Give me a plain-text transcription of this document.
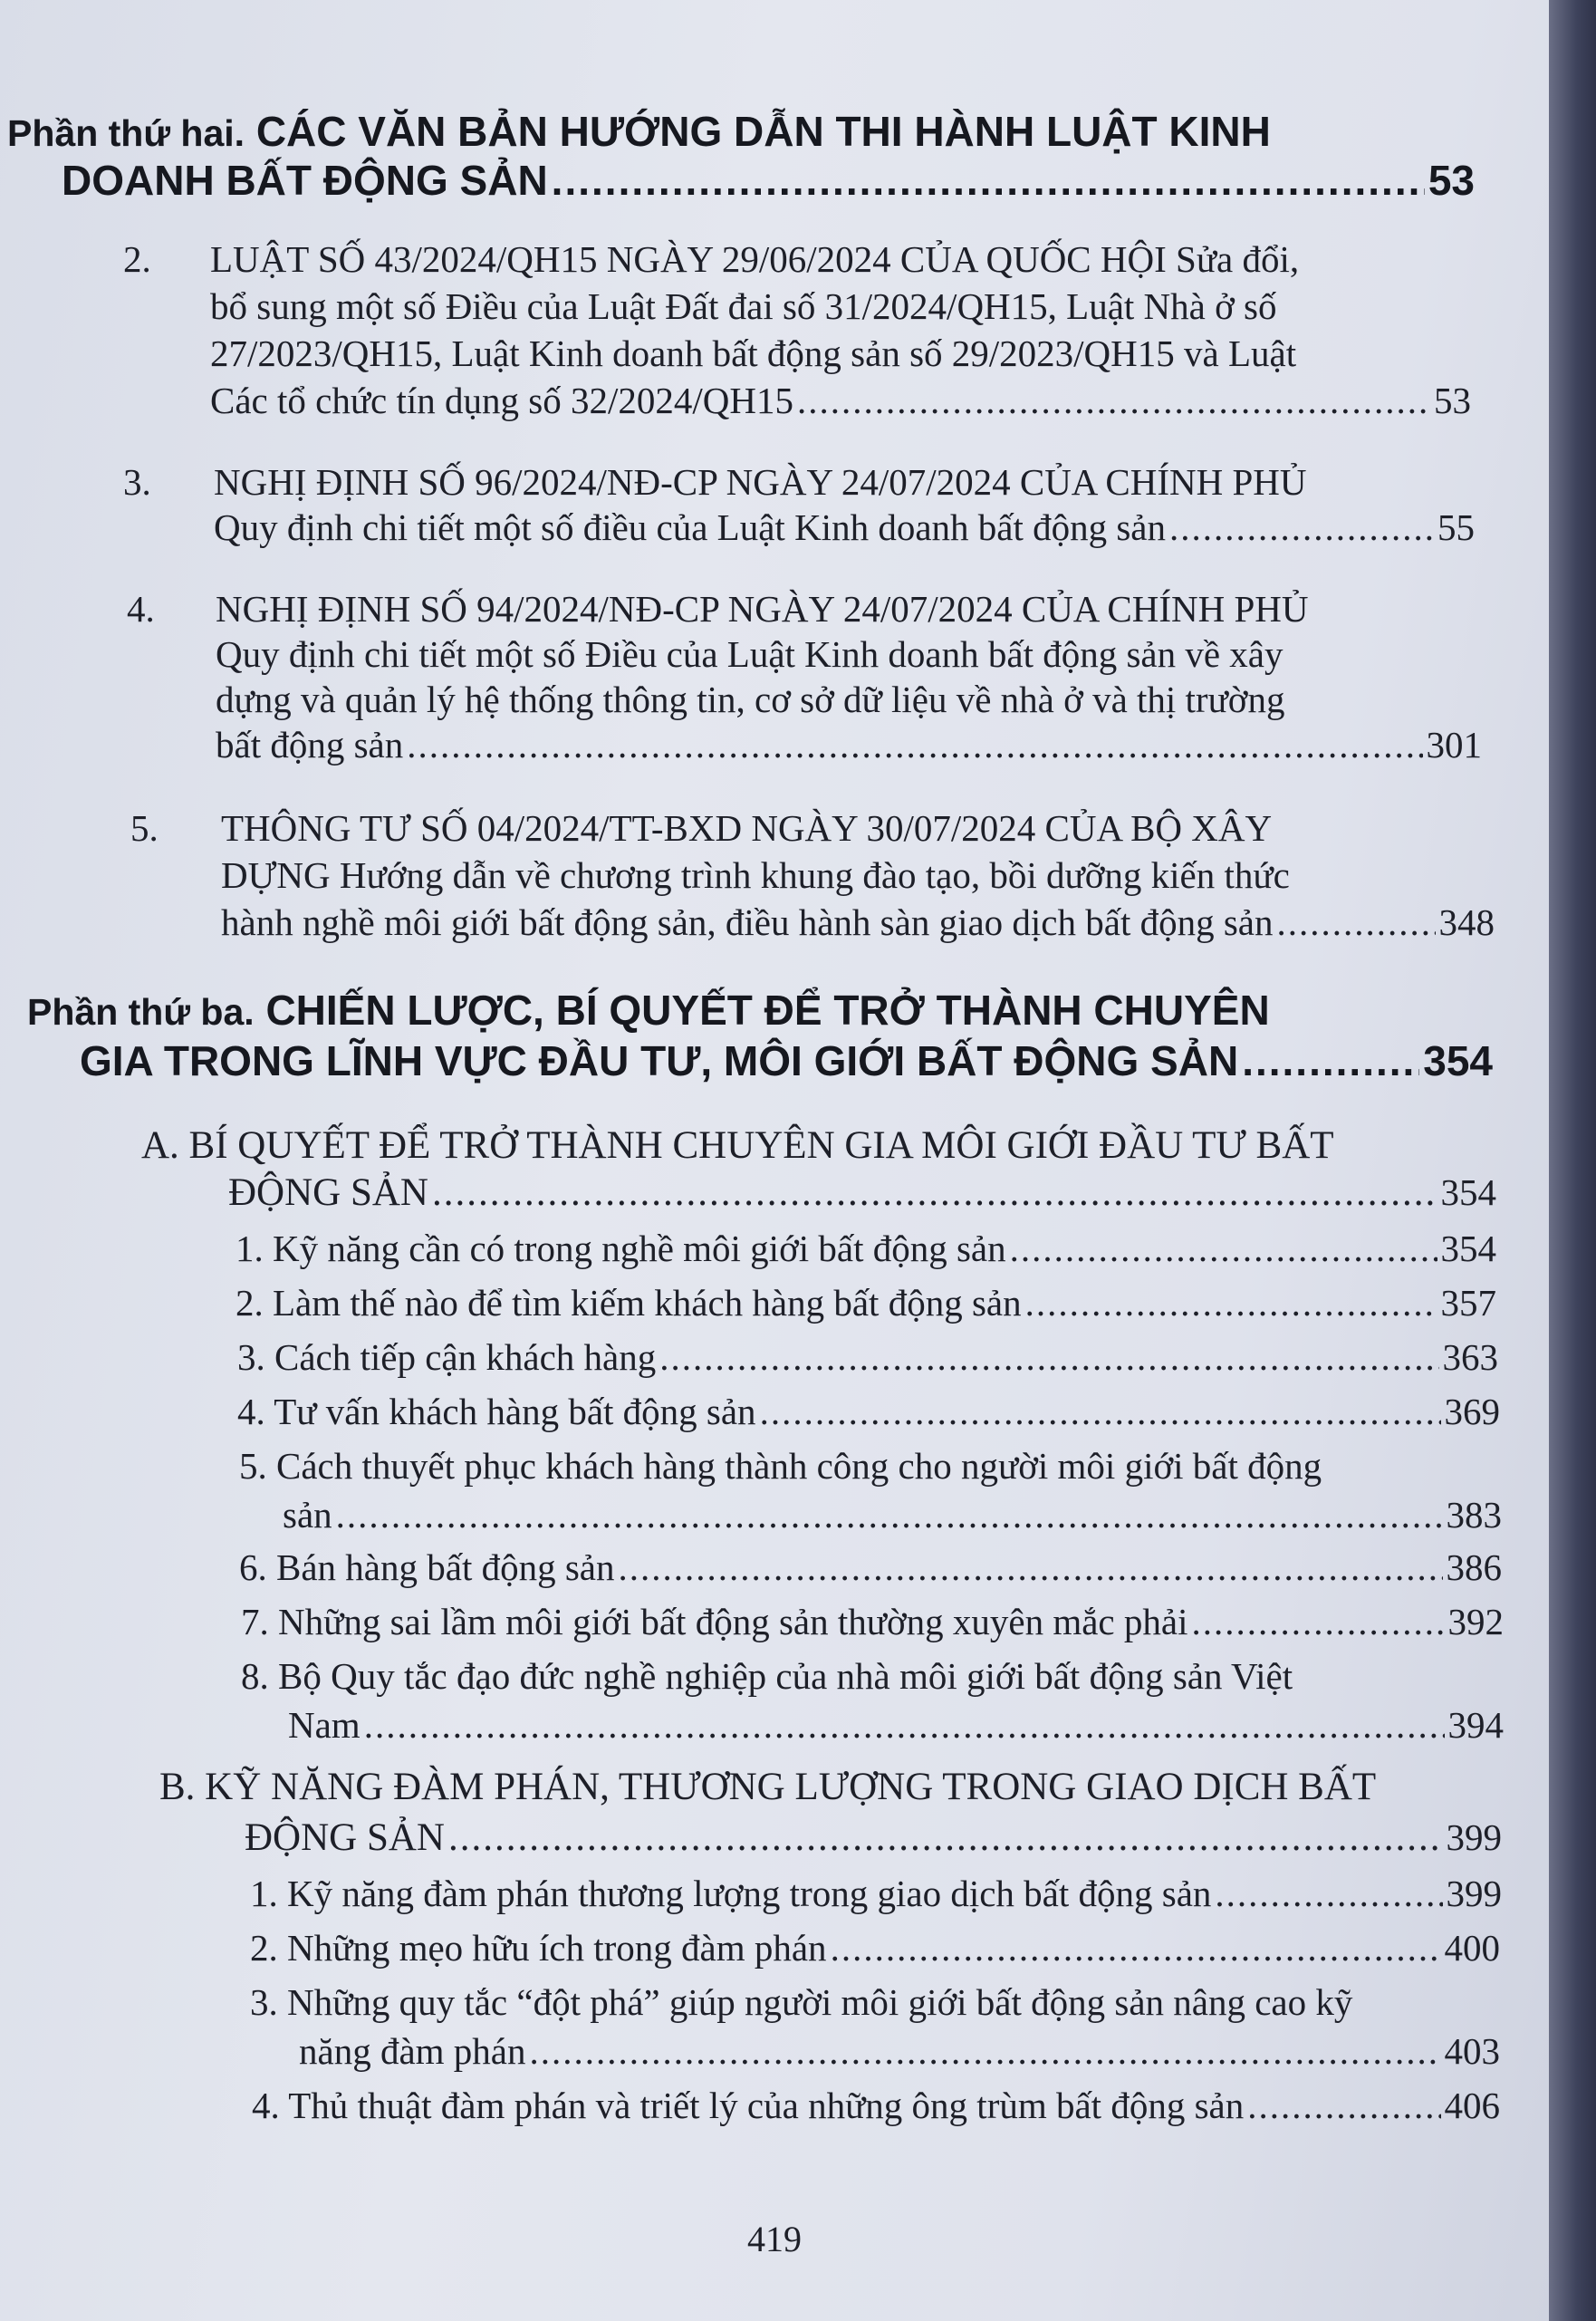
Phần thứ hai. CÁC VĂN BẢN HƯỚNG DẪN THI HÀNH LUẬT KINH
DOANH BẤT ĐỘNG SẢN .....	53
2. LUẬT SỐ 43/2024/QH15 NGÀY 29/06/2024 CỦA QUỐC HỘI Sửa đổi,
bổ sung một số Điều của Luật Đất đai số 31/2024/QH15, Luật Nhà ở số
27/2023/QH15, Luật Kinh doanh bất động sản số 29/2023/QH15 và Luật
Các tổ chức tín dụng số 32/2024/QH15 .....	53
3. NGHỊ ĐỊNH SỐ 96/2024/NĐ-CP NGÀY 24/07/2024 CỦA CHÍNH PHỦ
Quy định chi tiết một số điều của Luật Kinh doanh bất động sản .....	55
4. NGHỊ ĐỊNH SỐ 94/2024/NĐ-CP NGÀY 24/07/2024 CỦA CHÍNH PHỦ
Quy định chi tiết một số Điều của Luật Kinh doanh bất động sản về xây
dựng và quản lý hệ thống thông tin, cơ sở dữ liệu về nhà ở và thị trường
bất động sản .....	301
5. THÔNG TƯ SỐ 04/2024/TT-BXD NGÀY 30/07/2024 CỦA BỘ XÂY
DỰNG Hướng dẫn về chương trình khung đào tạo, bồi dưỡng kiến thức
hành nghề môi giới bất động sản, điều hành sàn giao dịch bất động sản .....	348
Phần thứ ba. CHIẾN LƯỢC, BÍ QUYẾT ĐỂ TRỞ THÀNH CHUYÊN
GIA TRONG LĨNH VỰC ĐẦU TƯ, MÔI GIỚI BẤT ĐỘNG SẢN .....	354
A. BÍ QUYẾT ĐỂ TRỞ THÀNH CHUYÊN GIA MÔI GIỚI ĐẦU TƯ BẤT
ĐỘNG SẢN .....	354
1. Kỹ năng cần có trong nghề môi giới bất động sản .....	354
2. Làm thế nào để tìm kiếm khách hàng bất động sản .....	357
3. Cách tiếp cận khách hàng .....	363
4. Tư vấn khách hàng bất động sản .....	369
5. Cách thuyết phục khách hàng thành công cho người môi giới bất động
sản .....	383
6. Bán hàng bất động sản .....	386
7. Những sai lầm môi giới bất động sản thường xuyên mắc phải .....	392
8. Bộ Quy tắc đạo đức nghề nghiệp của nhà môi giới bất động sản Việt
Nam .....	394
B. KỸ NĂNG ĐÀM PHÁN, THƯƠNG LƯỢNG TRONG GIAO DỊCH BẤT
ĐỘNG SẢN .....	399
1. Kỹ năng đàm phán thương lượng trong giao dịch bất động sản .....	399
2. Những mẹo hữu ích trong đàm phán .....	400
3. Những quy tắc “đột phá” giúp người môi giới bất động sản nâng cao kỹ
năng đàm phán .....	403
4. Thủ thuật đàm phán và triết lý của những ông trùm bất động sản .....	406
419
